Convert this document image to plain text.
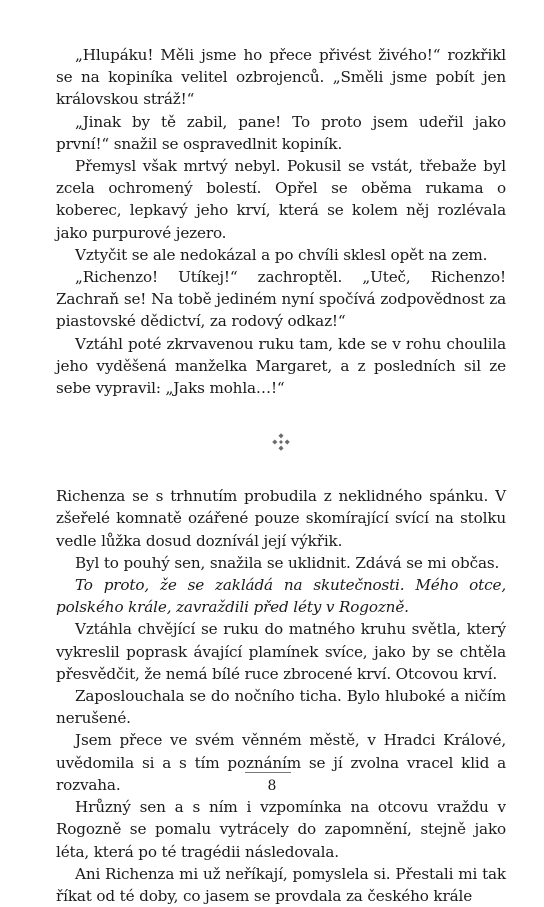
„Hlupáku! Měli jsme ho přece přivést živého!“ rozkřikl se na kopiníka velitel ozbrojenců. „Směli jsme pobít jen královskou stráž!“

„Jinak by tě zabil, pane! To proto jsem udeřil jako první!“ snažil se ospravedlnit kopiník.

Přemysl však mrtvý nebyl. Pokusil se vstát, třebaže byl zcela ochromený bolestí. Opřel se oběma rukama o koberec, lepkavý jeho krví, která se kolem něj rozlévala jako purpurové jezero.

Vztyčit se ale nedokázal a po chvíli sklesl opět na zem.

„Richenzo! Utíkej!“ zachroptěl. „Uteč, Richenzo! Zachraň se! Na tobě jediném nyní spočívá zodpovědnost za piastovské dědictví, za rodový odkaz!“

Vztáhl poté zkrvavenou ruku tam, kde se v rohu choulila jeho vyděšená manželka Margaret, a z posledních sil ze sebe vypravil: „Jaks mohla…!“

Richenza se s trhnutím probudila z neklidného spánku. V zšeřelé komnatě ozářené pouze skomírající svící na stolku vedle lůžka dosud doznívál její výkřik.

Byl to pouhý sen, snažila se uklidnit. Zdává se mi občas.

To proto, že se zakládá na skutečnosti. Mého otce, polského krále, zavraždili před léty v Rogozně.

Vztáhla chvějící se ruku do matného kruhu světla, který vykreslil poprask ávající plamínek svíce, jako by se chtěla přesvědčit, že nemá bílé ruce zbrocené krví. Otcovou krví.

Zaposlouchala se do nočního ticha. Bylo hluboké a ničím nerušené.

Jsem přece ve svém věnném městě, v Hradci Králové, uvědomila si a s tím poznáním se jí zvolna vracel klid a rozvaha.

Hrůzný sen a s ním i vzpomínka na otcovu vraždu v Rogozně se pomalu vytrácely do zapomnění, stejně jako léta, která po té tragédii následovala.

Ani Richenza mi už neříkají, pomyslela si. Přestali mi tak říkat od té doby, co jasem se provdala za českého krále

8
